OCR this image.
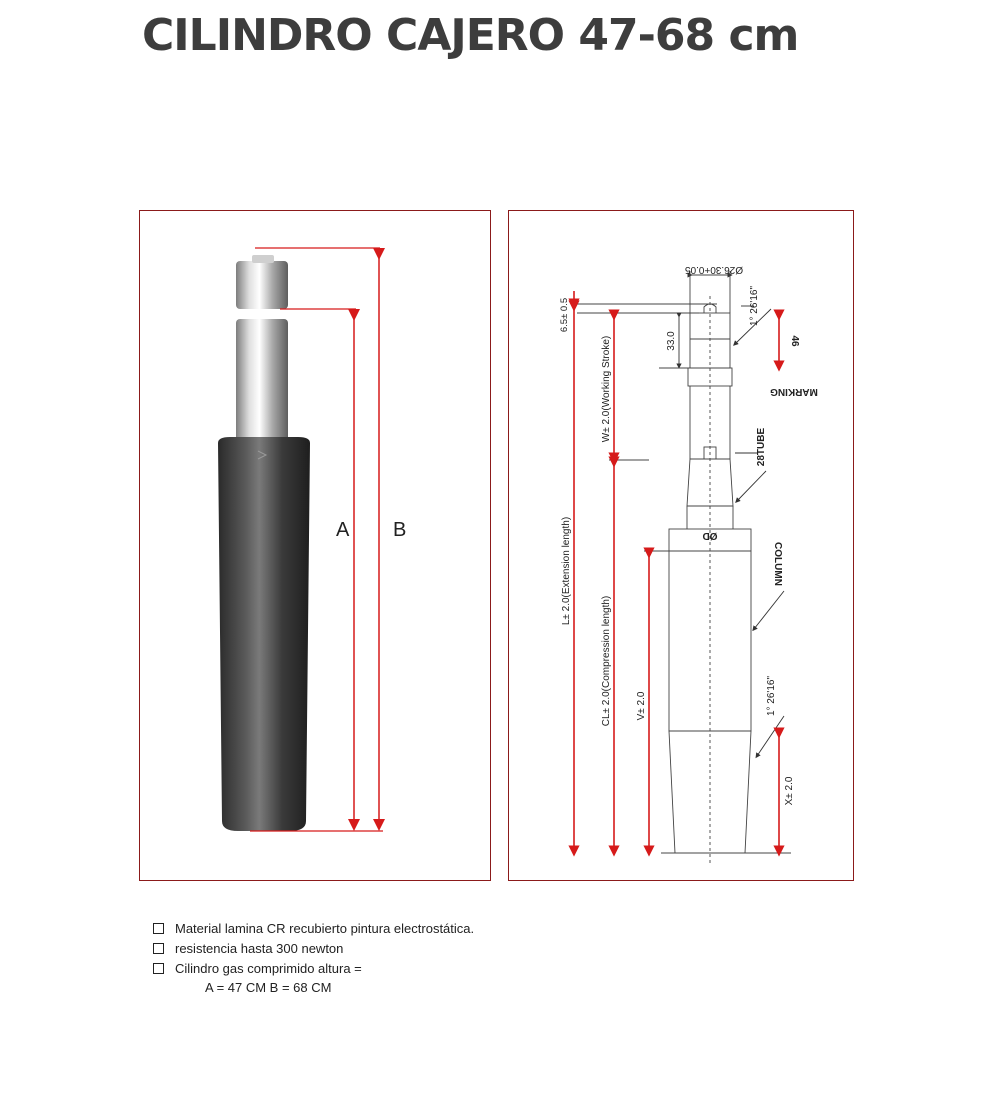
CILINDRO CAJERO 47-68 cm
A B
Ø26.30+0.05
1° 26'16"
6.5± 0.5
33.0	46
W± 2.0(Working Stroke)	MARKING
28TUBE
ØD
L± 2.0(Extension length)	COLUMN
CL± 2.0(Compression length) V± 2.0	1° 26'16"
X± 2.0
Material lamina CR recubierto pintura electrostática.
resistencia hasta 300 newton
Cilindro gas comprimido altura =
A = 47 CM B = 68 CM
